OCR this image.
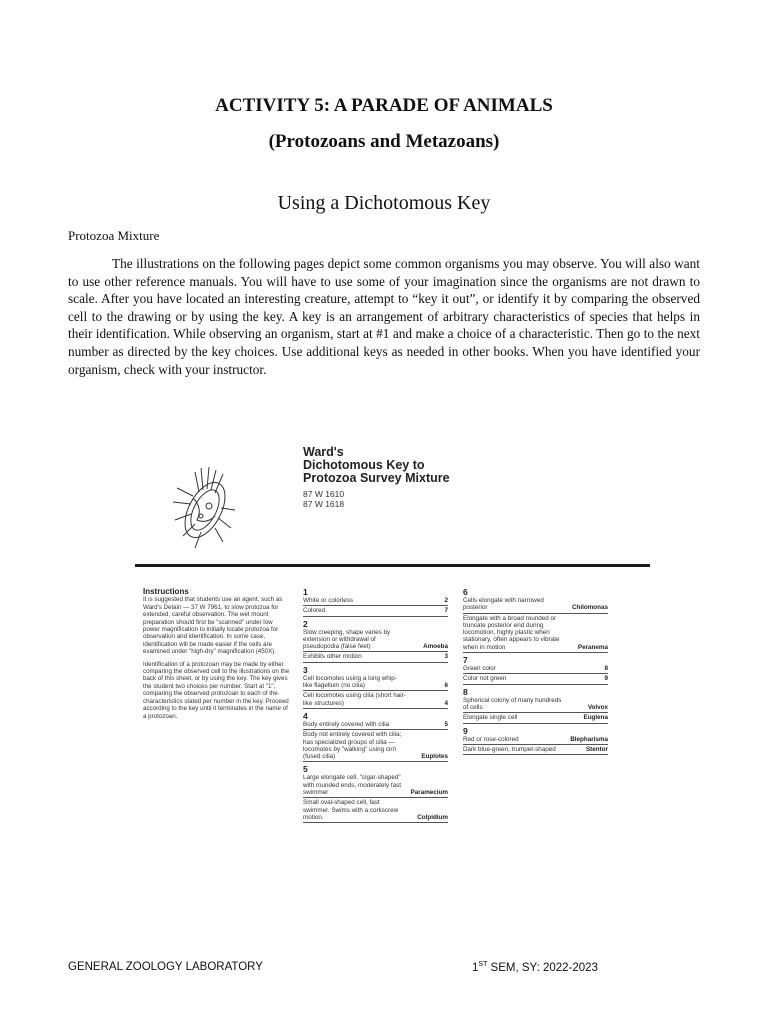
ACTIVITY 5: A PARADE OF ANIMALS
(Protozoans and Metazoans)
Using a Dichotomous Key
Protozoa Mixture

The illustrations on the following pages depict some common organisms you may observe. You will also want to use other reference manuals. You will have to use some of your imagination since the organisms are not drawn to scale. After you have located an interesting creature, attempt to “key it out”, or identify it by comparing the observed cell to the drawing or by using the key. A key is an arrangement of arbitrary characteristics of species that helps in their identification. While observing an organism, start at #1 and make a choice of a characteristic. Then go to the next number as directed by the key choices. Use additional keys as needed in other books. When you have identified your organism, check with your instructor.

Ward's
Dichotomous Key to
Protozoa Survey Mixture
87 W 1610
87 W 1618
Instructions

It is suggested that students use an agent, such as Ward's Detain — 37 W 7961, to slow protozoa for extended, careful observation. The wet mount preparation should first be "scanned" under low power magnification to initially locate protozoa for observation and identification. In some case, identification will be made easier if the cells are examined under "high-dry" magnification (450X).

Identification of a protozoan may be made by either comparing the observed cell to the illustrations on the back of this sheet, or by using the key. The key gives the student two choices per number. Start at "1", comparing the observed protozoan to each of the characteristics stated per number in the key. Proceed according to the key until it terminates in the name of a protozoan.

1
White or colorless	2
Colored	7
2
Slow creeping, shape varies by extension or withdrawal of pseudopodia (false feet)	Amoeba
Exhibits other motion	3
3
Cell locomotes using a long whip-like flagellum (no cilia)	6
Cell locomotes using cilia (short hair-like structures)	4
4
Body entirely covered with cilia	5
Body not entirely covered with cilia; has specialized groups of cilia — locomotes by "walking" using cirri (fused cilia)	Euplotes
5
Large elongate cell, "cigar-shaped" with rounded ends, moderately fast swimmer	Paramecium
Small oval-shaped cell, fast swimmer. Swims with a corkscrew motion.	Colpidium
6
Cells elongate with narrowed posterior	Chilomonas
Elongate with a broad rounded or truncate posterior end during locomotion, highly plastic when stationary, often appears to vibrate when in motion	Peranema
7
Green color	8
Color not green	9
8
Spherical colony of many hundreds of cells	Volvox
Elongate single cell	Euglena
9
Red or rose-colored	Blepharisma
Dark blue-green, trumpet-shaped	Stentor
GENERAL ZOOLOGY LABORATORY	1ST SEM, SY: 2022-2023
